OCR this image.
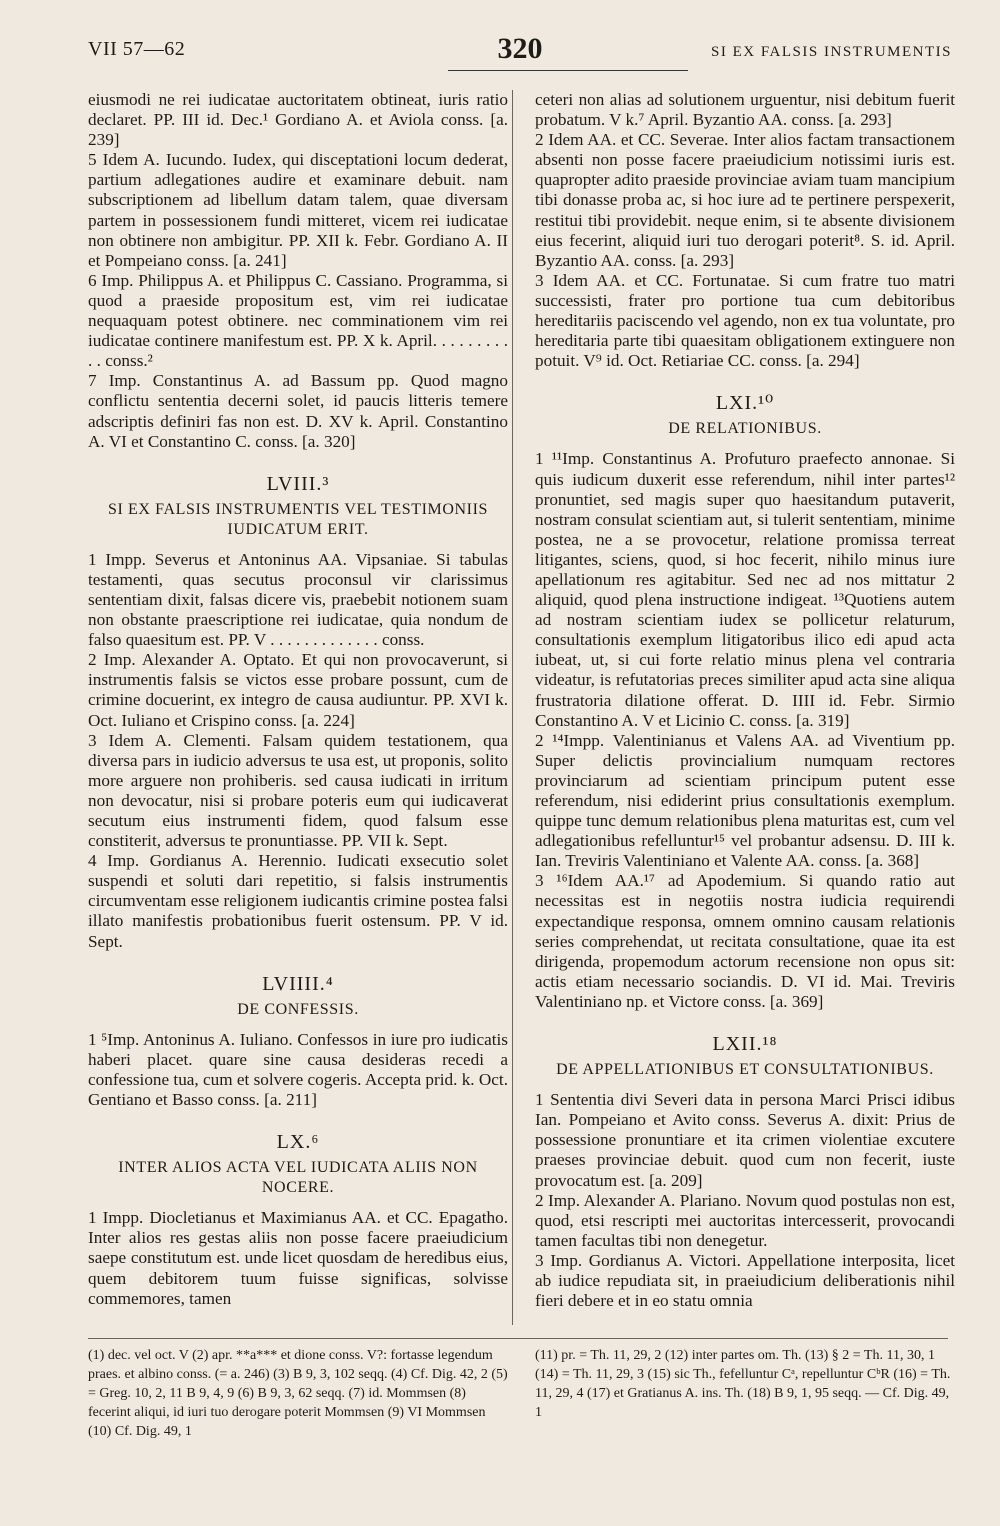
VII 57—62	320	SI EX FALSIS INSTRUMENTIS

eiusmodi ne rei iudicatae auctoritatem obtineat, iuris ratio declaret. PP. III id. Dec.¹ Gordiano A. et Aviola conss. [a. 239]

5 Idem A. Iucundo. Iudex, qui disceptationi locum dederat, partium adlegationes audire et examinare debuit. nam subscriptionem ad libellum datam talem, quae diversam partem in possessionem fundi mitteret, vicem rei iudicatae non obtinere non ambigitur. PP. XII k. Febr. Gordiano A. II et Pompeiano conss. [a. 241]

6 Imp. Philippus A. et Philippus C. Cassiano. Programma, si quod a praeside propositum est, vim rei iudicatae nequaquam potest obtinere. nec comminationem vim rei iudicatae continere manifestum est. PP. X k. April. . . . . . . . . . . conss.²

7 Imp. Constantinus A. ad Bassum pp. Quod magno conflictu sententia decerni solet, id paucis litteris temere adscriptis definiri fas non est. D. XV k. April. Constantino A. VI et Constantino C. conss. [a. 320]

LVIII.³
SI EX FALSIS INSTRUMENTIS VEL TESTIMONIIS IUDICATUM ERIT.

1 Impp. Severus et Antoninus AA. Vipsaniae. Si tabulas testamenti, quas secutus proconsul vir clarissimus sententiam dixit, falsas dicere vis, praebebit notionem suam non obstante praescriptione rei iudicatae, quia nondum de falso quaesitum est. PP. V . . . . . . . . . . . . . conss.

2 Imp. Alexander A. Optato. Et qui non provocaverunt, si instrumentis falsis se victos esse probare possunt, cum de crimine docuerint, ex integro de causa audiuntur. PP. XVI k. Oct. Iuliano et Crispino conss. [a. 224]

3 Idem A. Clementi. Falsam quidem testationem, qua diversa pars in iudicio adversus te usa est, ut proponis, solito more arguere non prohiberis. sed causa iudicati in irritum non devocatur, nisi si probare poteris eum qui iudicaverat secutum eius instrumenti fidem, quod falsum esse constiterit, adversus te pronuntiasse. PP. VII k. Sept.

4 Imp. Gordianus A. Herennio. Iudicati exsecutio solet suspendi et soluti dari repetitio, si falsis instrumentis circumventam esse religionem iudicantis crimine postea falsi illato manifestis probationibus fuerit ostensum. PP. V id. Sept.

LVIIII.⁴
DE CONFESSIS.

1 ⁵Imp. Antoninus A. Iuliano. Confessos in iure pro iudicatis haberi placet. quare sine causa desideras recedi a confessione tua, cum et solvere cogeris. Accepta prid. k. Oct. Gentiano et Basso conss. [a. 211]

LX.⁶
INTER ALIOS ACTA VEL IUDICATA ALIIS NON NOCERE.

1 Impp. Diocletianus et Maximianus AA. et CC. Epagatho. Inter alios res gestas aliis non posse facere praeiudicium saepe constitutum est. unde licet quosdam de heredibus eius, quem debitorem tuum fuisse significas, solvisse commemores, tamen

ceteri non alias ad solutionem urguentur, nisi debitum fuerit probatum. V k.⁷ April. Byzantio AA. conss. [a. 293]

2 Idem AA. et CC. Severae. Inter alios factam transactionem absenti non posse facere praeiudicium notissimi iuris est. quapropter adito praeside provinciae aviam tuam mancipium tibi donasse proba ac, si hoc iure ad te pertinere perspexerit, restitui tibi providebit. neque enim, si te absente divisionem eius fecerint, aliquid iuri tuo derogari poterit⁸. S. id. April. Byzantio AA. conss. [a. 293]

3 Idem AA. et CC. Fortunatae. Si cum fratre tuo matri successisti, frater pro portione tua cum debitoribus hereditariis paciscendo vel agendo, non ex tua voluntate, pro hereditaria parte tibi quaesitam obligationem extinguere non potuit. V⁹ id. Oct. Retiariae CC. conss. [a. 294]

LXI.¹⁰
DE RELATIONIBUS.

1 ¹¹Imp. Constantinus A. Profuturo praefecto annonae. Si quis iudicum duxerit esse referendum, nihil inter partes¹² pronuntiet, sed magis super quo haesitandum putaverit, nostram consulat scientiam aut, si tulerit sententiam, minime postea, ne a se provocetur, relatione promissa terreat litigantes, sciens, quod, si hoc fecerit, nihilo minus iure apellationum res agitabitur. Sed nec ad nos mittatur 2 aliquid, quod plena instructione indigeat. ¹³Quotiens autem ad nostram scientiam iudex se pollicetur relaturum, consultationis exemplum litigatoribus ilico edi apud acta iubeat, ut, si cui forte relatio minus plena vel contraria videatur, is refutatorias preces similiter apud acta sine aliqua frustratoria dilatione offerat. D. IIII id. Febr. Sirmio Constantino A. V et Licinio C. conss. [a. 319]

2 ¹⁴Impp. Valentinianus et Valens AA. ad Viventium pp. Super delictis provincialium numquam rectores provinciarum ad scientiam principum putent esse referendum, nisi ediderint prius consultationis exemplum. quippe tunc demum relationibus plena maturitas est, cum vel adlegationibus refelluntur¹⁵ vel probantur adsensu. D. III k. Ian. Treviris Valentiniano et Valente AA. conss. [a. 368]

3 ¹⁶Idem AA.¹⁷ ad Apodemium. Si quando ratio aut necessitas est in negotiis nostra iudicia requirendi expectandique responsa, omnem omnino causam relationis series comprehendat, ut recitata consultatione, quae ita est dirigenda, propemodum actorum recensione non opus sit: actis etiam necessario sociandis. D. VI id. Mai. Treviris Valentiniano np. et Victore conss. [a. 369]

LXII.¹⁸
DE APPELLATIONIBUS ET CONSULTATIONIBUS.

1 Sententia divi Severi data in persona Marci Prisci idibus Ian. Pompeiano et Avito conss. Severus A. dixit: Prius de possessione pronuntiare et ita crimen violentiae excutere praeses provinciae debuit. quod cum non fecerit, iuste provocatum est. [a. 209]

2 Imp. Alexander A. Plariano. Novum quod postulas non est, quod, etsi rescripti mei auctoritas intercesserit, provocandi tamen facultas tibi non denegetur.

3 Imp. Gordianus A. Victori. Appellatione interposita, licet ab iudice repudiata sit, in praeiudicium deliberationis nihil fieri debere et in eo statu omnia

(1) dec. vel oct. V (2) apr. **a*** et dione conss. V?: fortasse legendum praes. et albino conss. (= a. 246) (3) B 9, 3, 102 seqq. (4) Cf. Dig. 42, 2 (5) = Greg. 10, 2, 11 B 9, 4, 9 (6) B 9, 3, 62 seqq. (7) id. Mommsen (8) fecerint aliqui, id iuri tuo derogare poterit Mommsen (9) VI Mommsen (10) Cf. Dig. 49, 1
(11) pr. = Th. 11, 29, 2 (12) inter partes om. Th. (13) § 2 = Th. 11, 30, 1 (14) = Th. 11, 29, 3 (15) sic Th., fefelluntur Cᵃ, repelluntur CᵇR (16) = Th. 11, 29, 4 (17) et Gratianus A. ins. Th. (18) B 9, 1, 95 seqq. — Cf. Dig. 49, 1
